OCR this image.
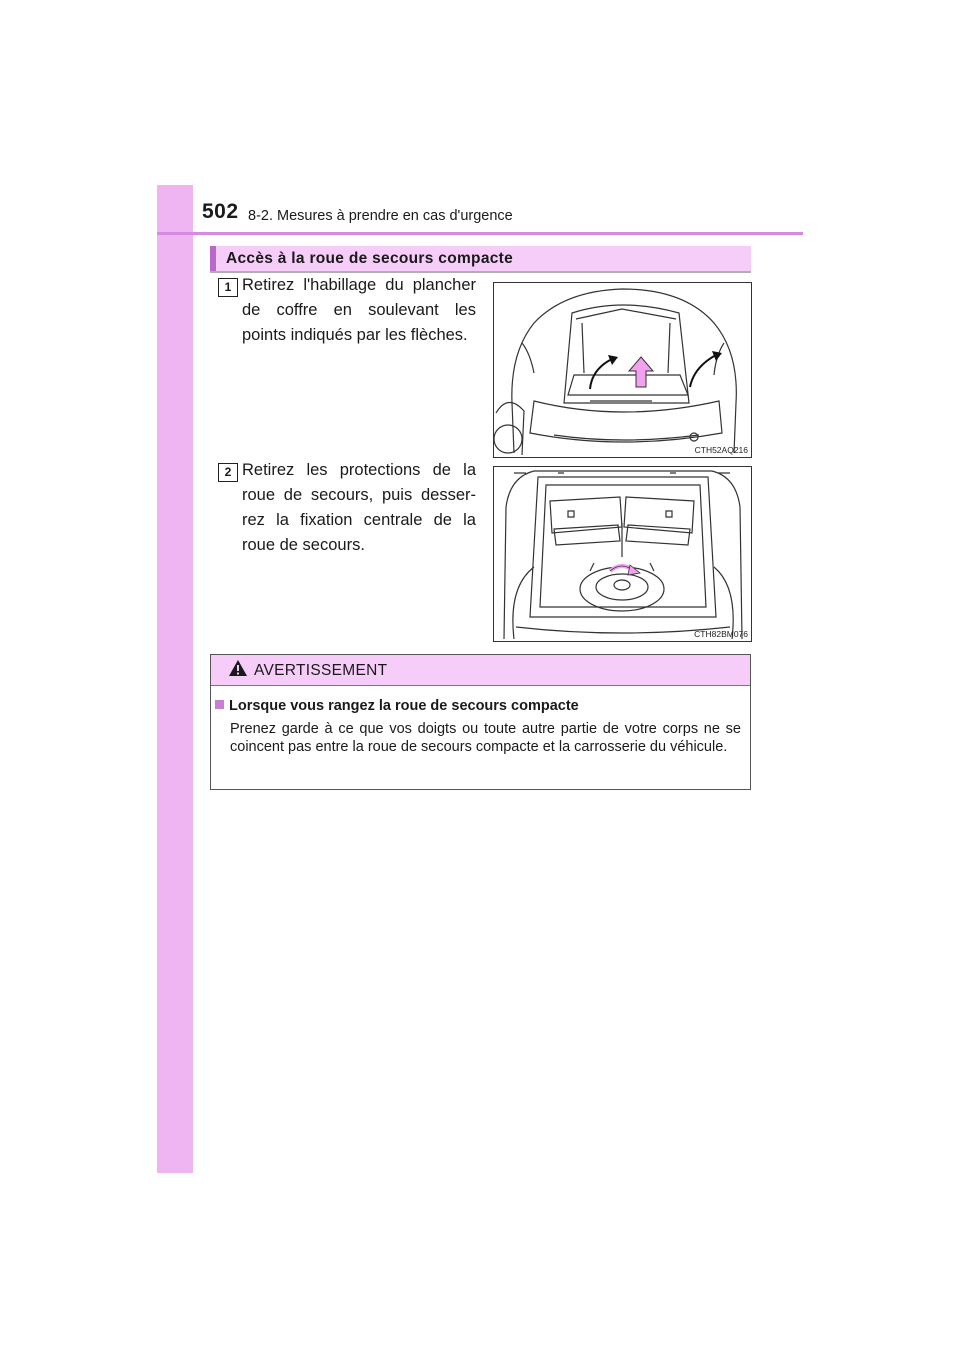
502 8-2. Mesures à prendre en cas d'urgence
Accès à la roue de secours compacte
1 Retirez l'habillage du plancher de coffre en soulevant les points indiqués par les flèches.
CTH52AQ216
2 Retirez les protections de la roue de secours, puis desser-rez la fixation centrale de la roue de secours.
CTH82BM076
AVERTISSEMENT
Lorsque vous rangez la roue de secours compacte
Prenez garde à ce que vos doigts ou toute autre partie de votre corps ne se coincent pas entre la roue de secours compacte et la carrosserie du véhicule.
